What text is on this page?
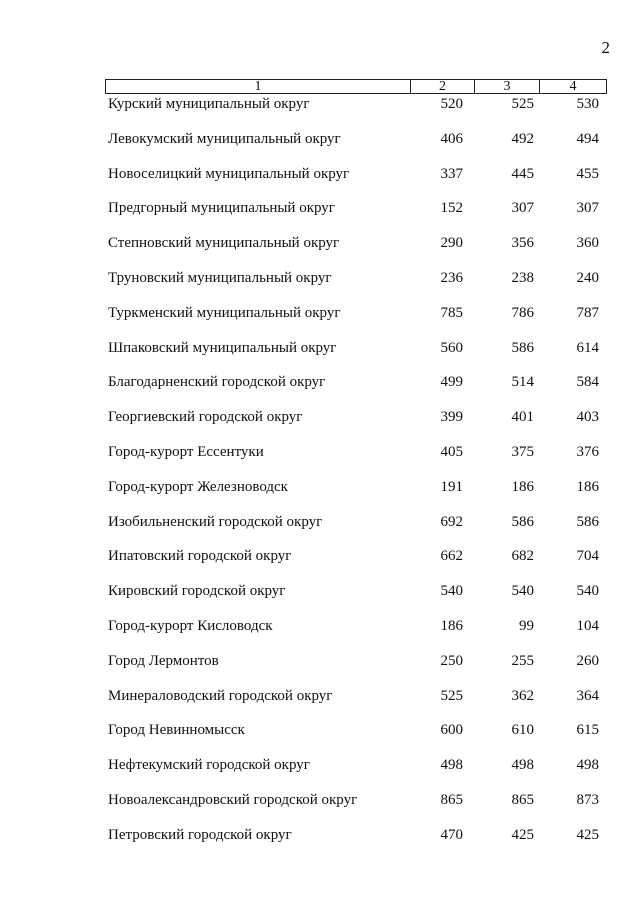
2
1	2	3	4
Курский муниципальный округ	520	525	530
Левокумский муниципальный округ	406	492	494
Новоселицкий муниципальный округ	337	445	455
Предгорный муниципальный округ	152	307	307
Степновский муниципальный округ	290	356	360
Труновский муниципальный округ	236	238	240
Туркменский муниципальный округ	785	786	787
Шпаковский муниципальный округ	560	586	614
Благодарненский городской округ	499	514	584
Георгиевский городской округ	399	401	403
Город-курорт Ессентуки	405	375	376
Город-курорт Железноводск	191	186	186
Изобильненский городской округ	692	586	586
Ипатовский городской округ	662	682	704
Кировский городской округ	540	540	540
Город-курорт Кисловодск	186	99	104
Город Лермонтов	250	255	260
Минераловодский городской округ	525	362	364
Город Невинномысск	600	610	615
Нефтекумский городской округ	498	498	498
Новоалександровский городской округ	865	865	873
Петровский городской округ	470	425	425
